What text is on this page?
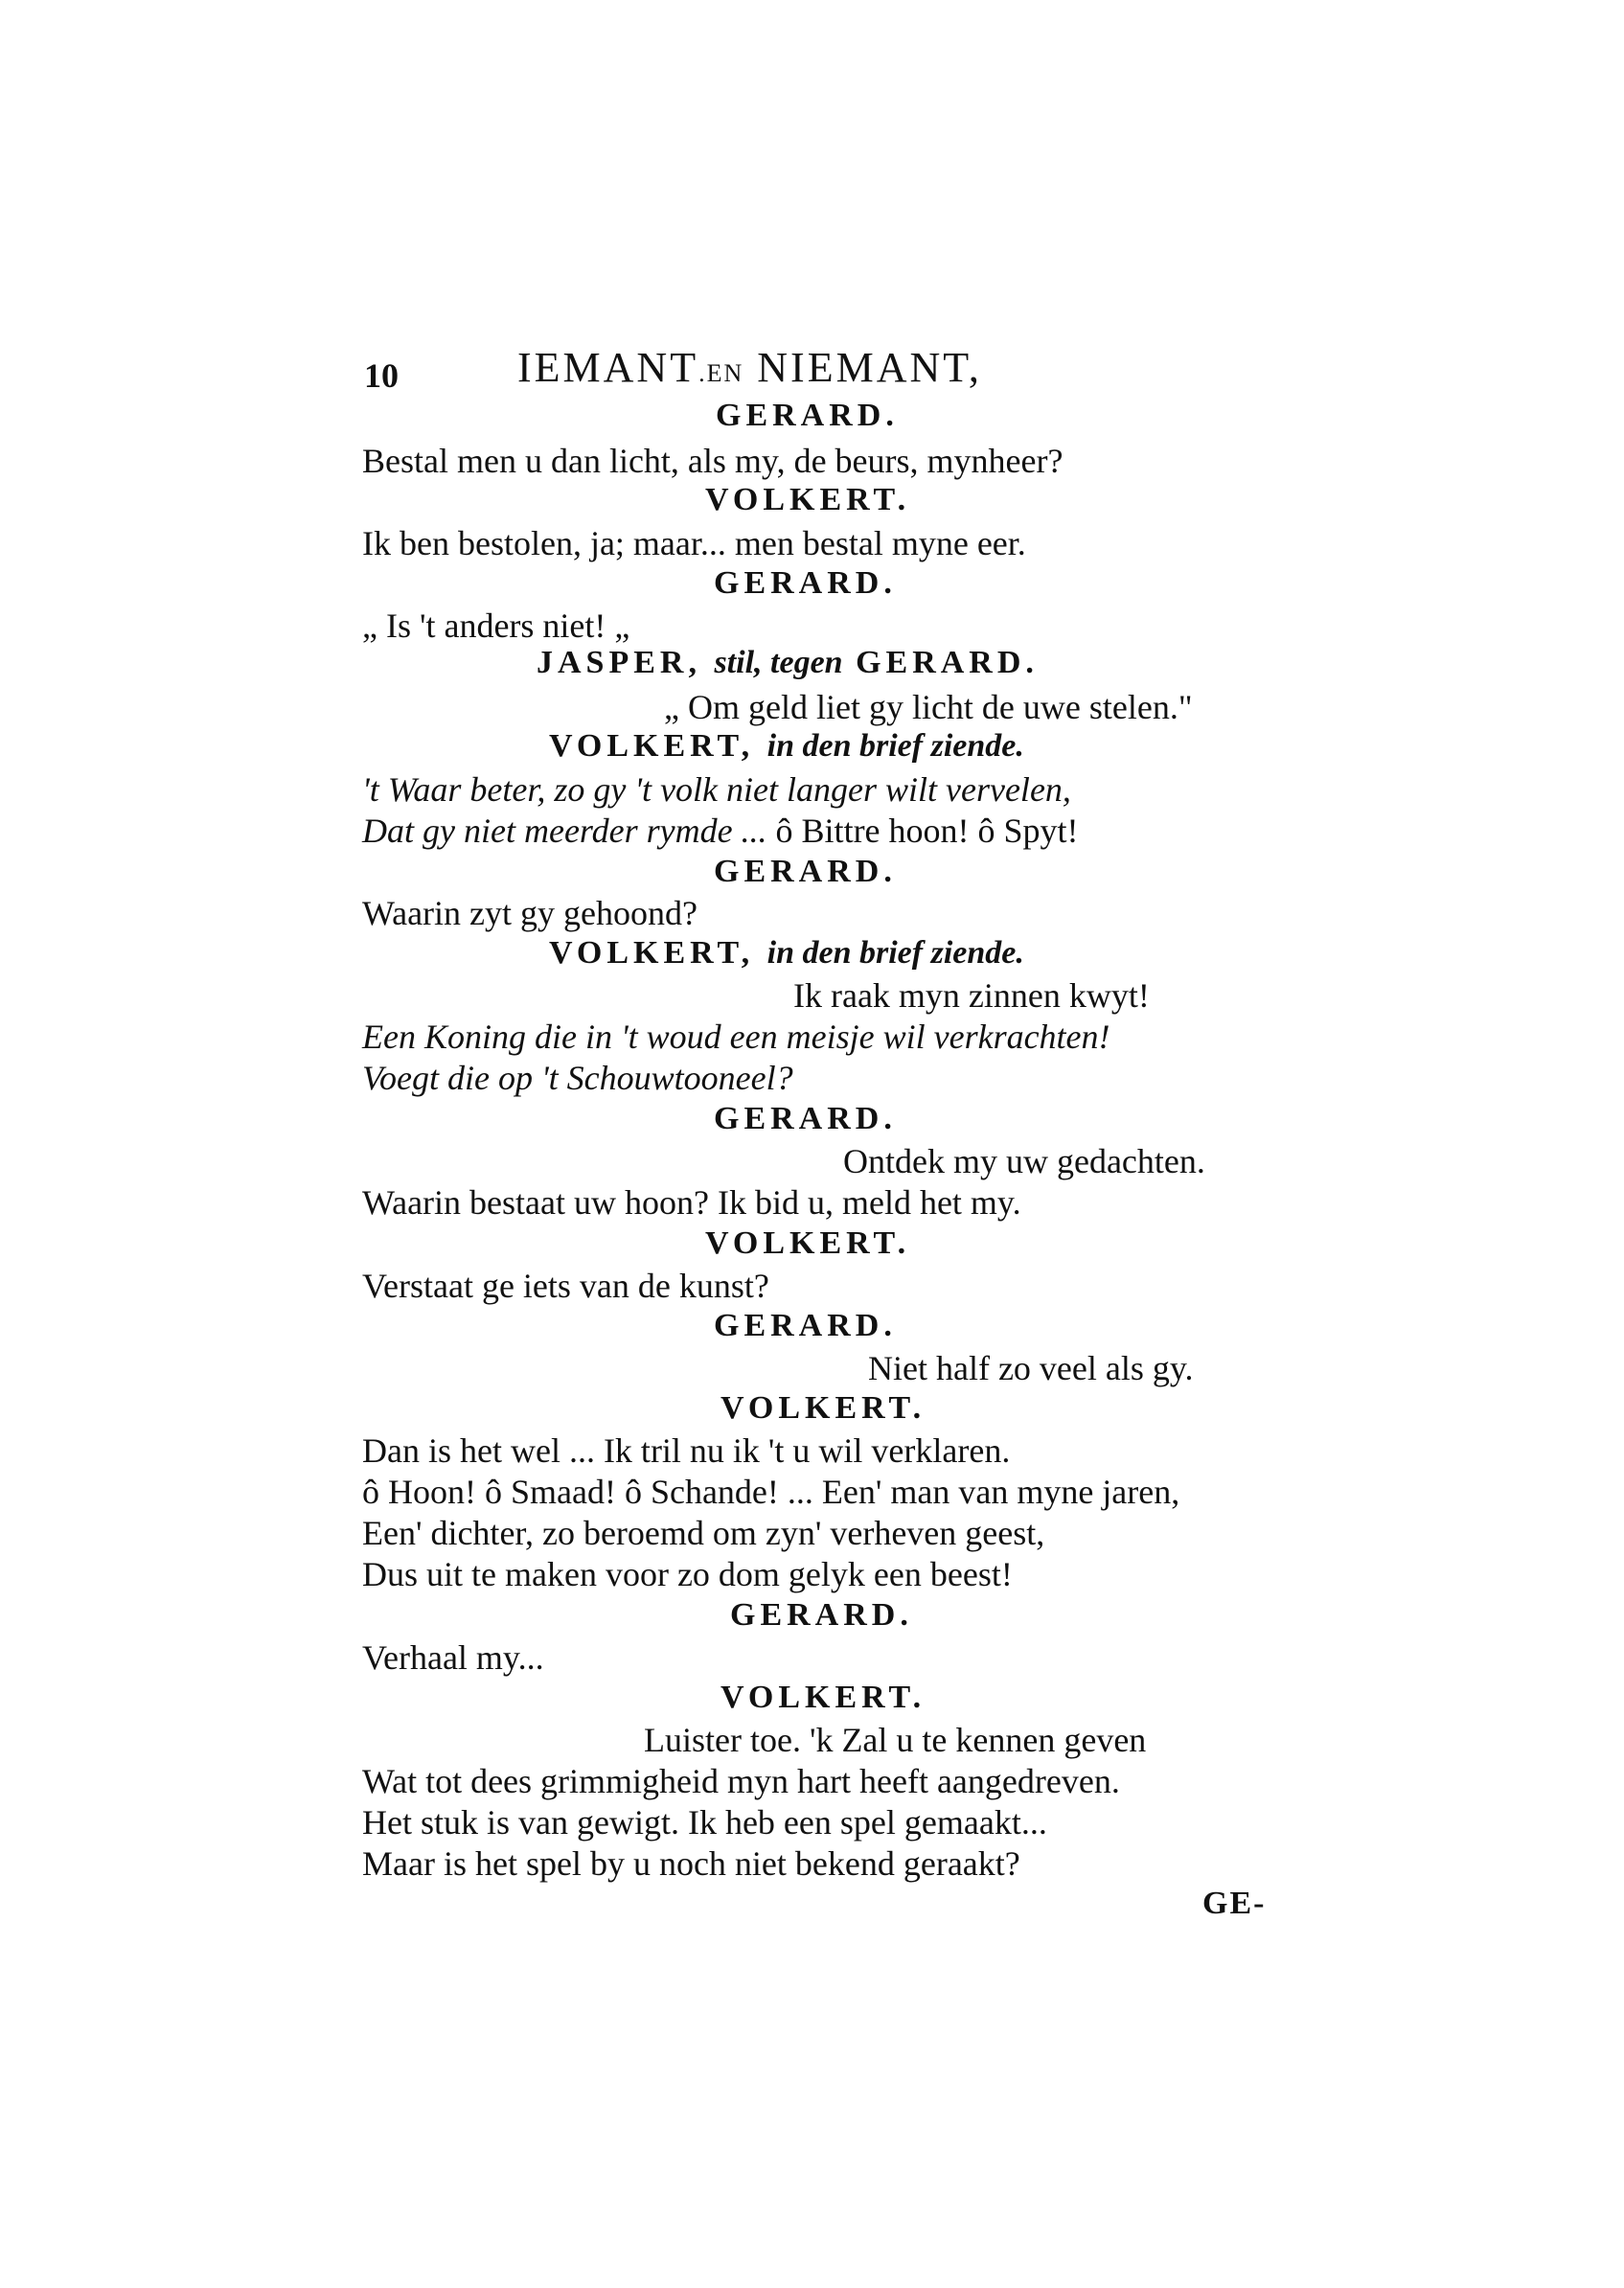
10	IEMANT.EN NIEMANT,
GERARD.
Bestal men u dan licht, als my, de beurs, mynheer?
VOLKERT.
Ik ben bestolen, ja; maar... men bestal myne eer.
GERARD.
„ Is 't anders niet! „
JASPER, stil, tegen GERARD.
„ Om geld liet gy licht de uwe stelen."
VOLKERT, in den brief ziende.
't Waar beter, zo gy 't volk niet langer wilt vervelen,
Dat gy niet meerder rymde ... ô Bittre hoon! ô Spyt!
GERARD.
Waarin zyt gy gehoond?
VOLKERT, in den brief ziende.
Ik raak myn zinnen kwyt!
Een Koning die in 't woud een meisje wil verkrachten!
Voegt die op 't Schouwtooneel?
GERARD.
Ontdek my uw gedachten.
Waarin bestaat uw hoon? Ik bid u, meld het my.
VOLKERT.
Verstaat ge iets van de kunst?
GERARD.
Niet half zo veel als gy.
VOLKERT.
Dan is het wel ... Ik tril nu ik 't u wil verklaren.
ô Hoon! ô Smaad! ô Schande! ... Een' man van myne jaren,
Een' dichter, zo beroemd om zyn' verheven geest,
Dus uit te maken voor zo dom gelyk een beest!
GERARD.
Verhaal my...
VOLKERT.
Luister toe. 'k Zal u te kennen geven
Wat tot dees grimmigheid myn hart heeft aangedreven.
Het stuk is van gewigt. Ik heb een spel gemaakt...
Maar is het spel by u noch niet bekend geraakt?
GE-
